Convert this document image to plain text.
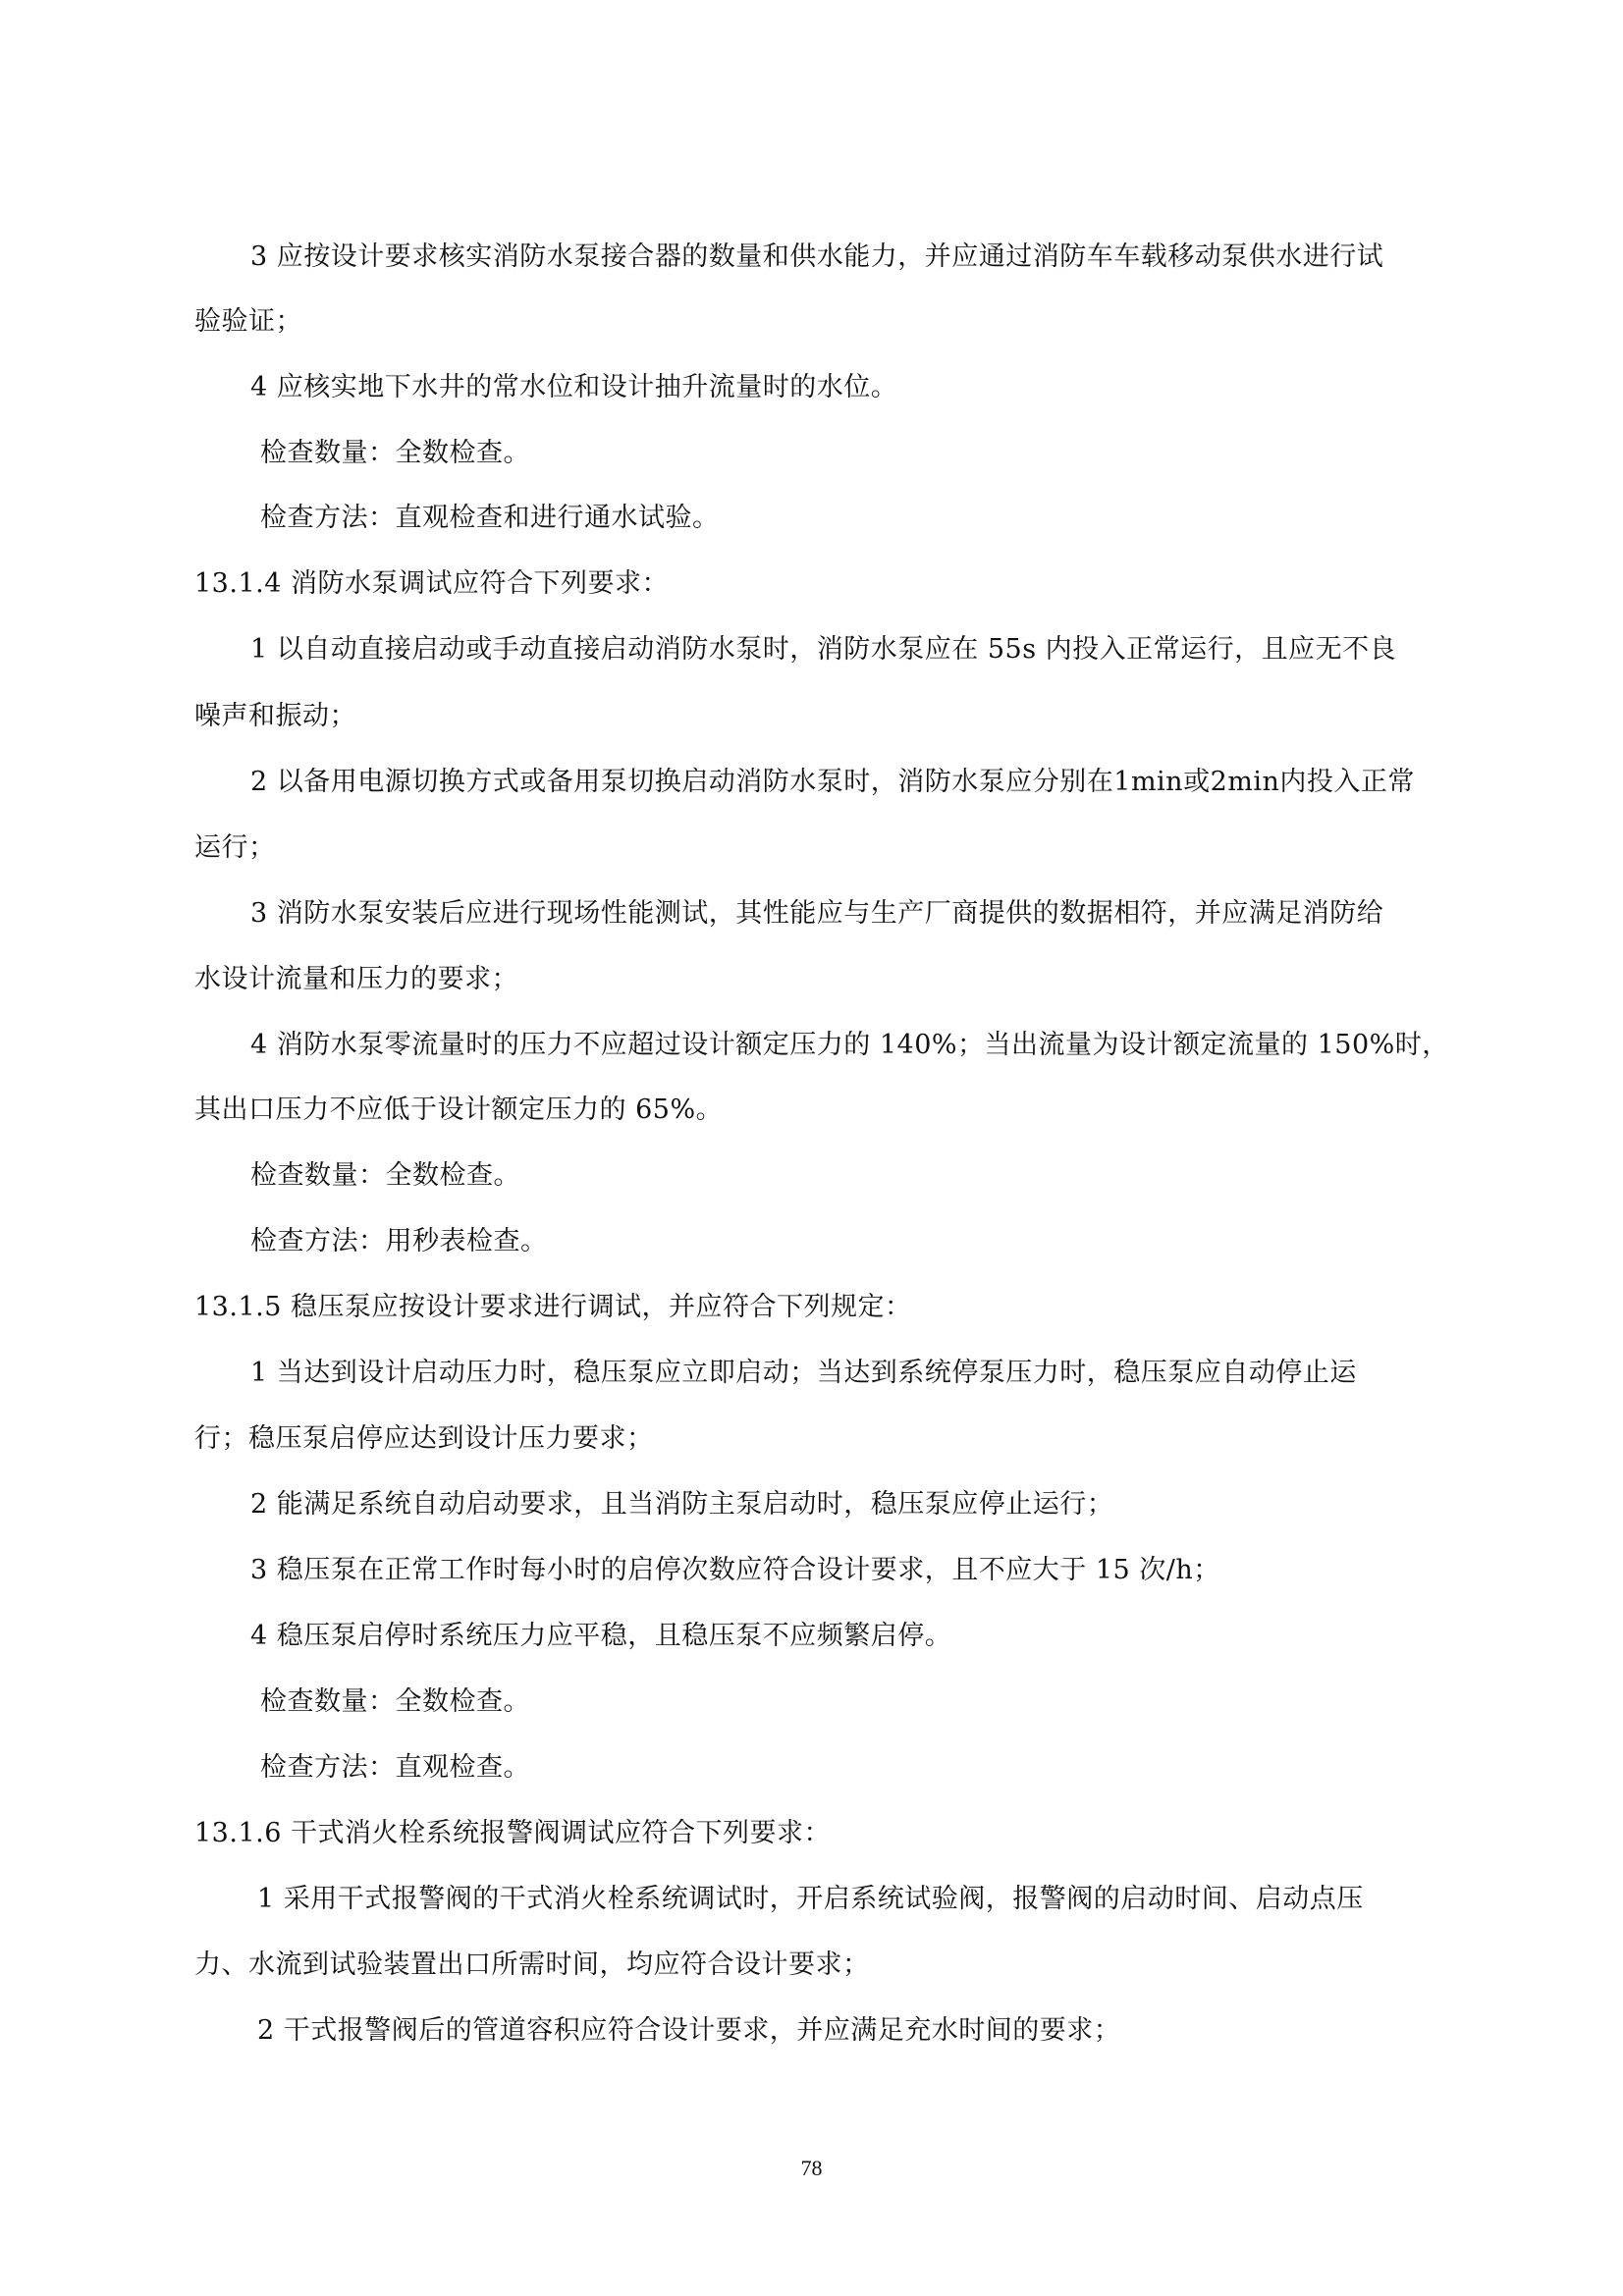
3 应按设计要求核实消防水泵接合器的数量和供水能力，并应通过消防车车载移动泵供水进行试
验验证；
4 应核实地下水井的常水位和设计抽升流量时的水位。
检查数量：全数检查。
检查方法：直观检查和进行通水试验。
13.1.4 消防水泵调试应符合下列要求：
1 以自动直接启动或手动直接启动消防水泵时，消防水泵应在 55s 内投入正常运行，且应无不良
噪声和振动；
2 以备用电源切换方式或备用泵切换启动消防水泵时，消防水泵应分别在1min或2min内投入正常
运行；
3 消防水泵安装后应进行现场性能测试，其性能应与生产厂商提供的数据相符，并应满足消防给
水设计流量和压力的要求；
4 消防水泵零流量时的压力不应超过设计额定压力的 140%；当出流量为设计额定流量的 150%时，
其出口压力不应低于设计额定压力的 65%。
检查数量：全数检查。
检查方法：用秒表检查。
13.1.5 稳压泵应按设计要求进行调试，并应符合下列规定：
1 当达到设计启动压力时，稳压泵应立即启动；当达到系统停泵压力时，稳压泵应自动停止运
行；稳压泵启停应达到设计压力要求；
2 能满足系统自动启动要求，且当消防主泵启动时，稳压泵应停止运行；
3 稳压泵在正常工作时每小时的启停次数应符合设计要求，且不应大于 15 次/h；
4 稳压泵启停时系统压力应平稳，且稳压泵不应频繁启停。
检查数量：全数检查。
检查方法：直观检查。
13.1.6 干式消火栓系统报警阀调试应符合下列要求：
1 采用干式报警阀的干式消火栓系统调试时，开启系统试验阀，报警阀的启动时间、启动点压
力、水流到试验装置出口所需时间，均应符合设计要求；
2 干式报警阀后的管道容积应符合设计要求，并应满足充水时间的要求；
78
